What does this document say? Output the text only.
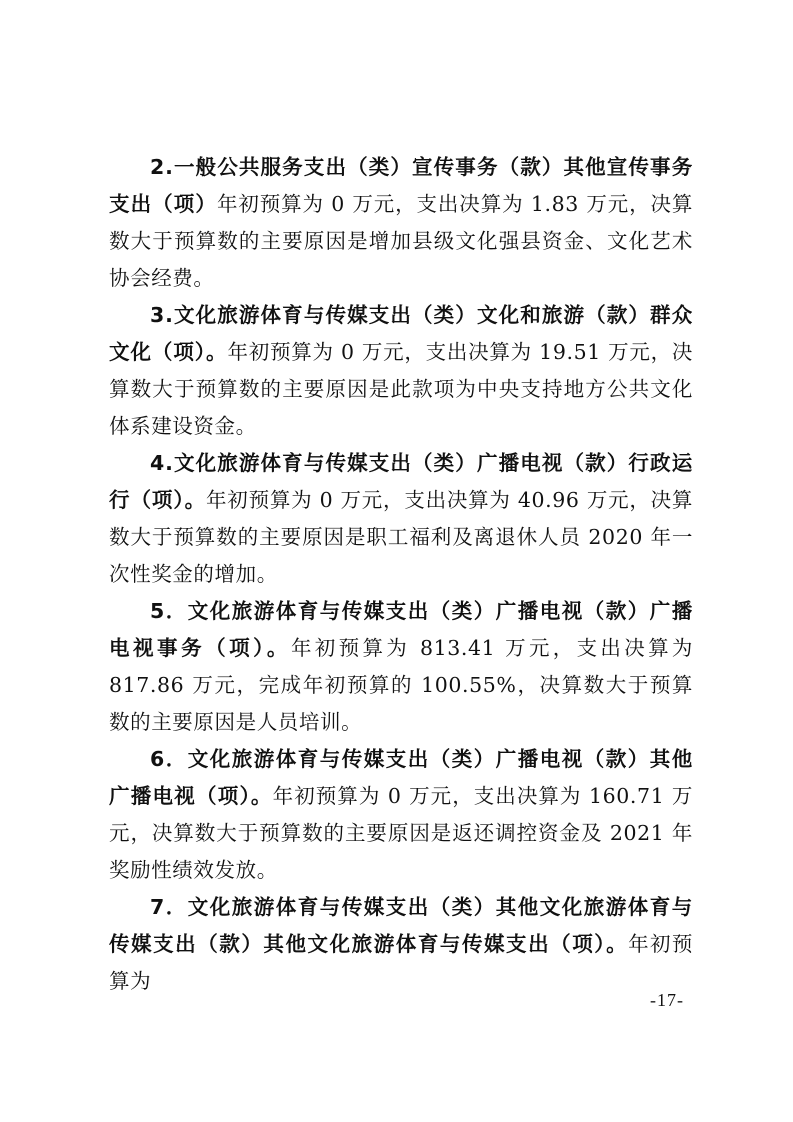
2.一般公共服务支出（类）宣传事务（款）其他宣传事务支出（项）年初预算为 0 万元，支出决算为 1.83 万元，决算数大于预算数的主要原因是增加县级文化强县资金、文化艺术协会经费。

3.文化旅游体育与传媒支出（类）文化和旅游（款）群众文化（项）。年初预算为 0 万元，支出决算为 19.51 万元，决算数大于预算数的主要原因是此款项为中央支持地方公共文化体系建设资金。

4.文化旅游体育与传媒支出（类）广播电视（款）行政运行（项）。年初预算为 0 万元，支出决算为 40.96 万元，决算数大于预算数的主要原因是职工福利及离退休人员 2020 年一次性奖金的增加。

5．文化旅游体育与传媒支出（类）广播电视（款）广播电视事务（项）。年初预算为 813.41 万元，支出决算为 817.86 万元，完成年初预算的 100.55%，决算数大于预算数的主要原因是人员培训。

6．文化旅游体育与传媒支出（类）广播电视（款）其他广播电视（项）。年初预算为 0 万元，支出决算为 160.71 万元，决算数大于预算数的主要原因是返还调控资金及 2021 年奖励性绩效发放。

7．文化旅游体育与传媒支出（类）其他文化旅游体育与传媒支出（款）其他文化旅游体育与传媒支出（项）。年初预算为

-17-
